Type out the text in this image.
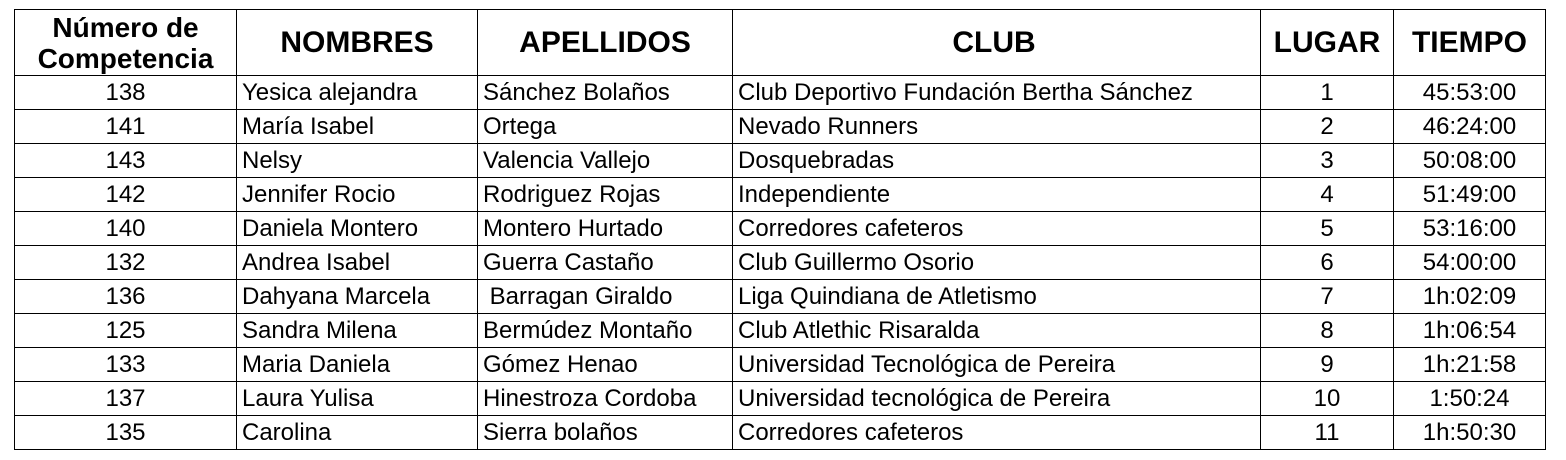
Número de
Competencia	NOMBRES	APELLIDOS	CLUB	LUGAR	TIEMPO
138	Yesica alejandra	Sánchez Bolaños	Club Deportivo Fundación Bertha Sánchez	1	45:53:00
141	María Isabel	Ortega	Nevado Runners	2	46:24:00
143	Nelsy	Valencia Vallejo	Dosquebradas	3	50:08:00
142	Jennifer Rocio	Rodriguez Rojas	Independiente	4	51:49:00
140	Daniela Montero	Montero Hurtado	Corredores cafeteros	5	53:16:00
132	Andrea Isabel	Guerra Castaño	Club Guillermo Osorio	6	54:00:00
136	Dahyana Marcela	Barragan Giraldo	Liga Quindiana de Atletismo	7	1h:02:09
125	Sandra Milena	Bermúdez Montaño	Club Atlethic Risaralda	8	1h:06:54
133	Maria Daniela	Gómez Henao	Universidad Tecnológica de Pereira	9	1h:21:58
137	Laura Yulisa	Hinestroza Cordoba	Universidad tecnológica de Pereira	10	1:50:24
135	Carolina	Sierra bolaños	Corredores cafeteros	11	1h:50:30
